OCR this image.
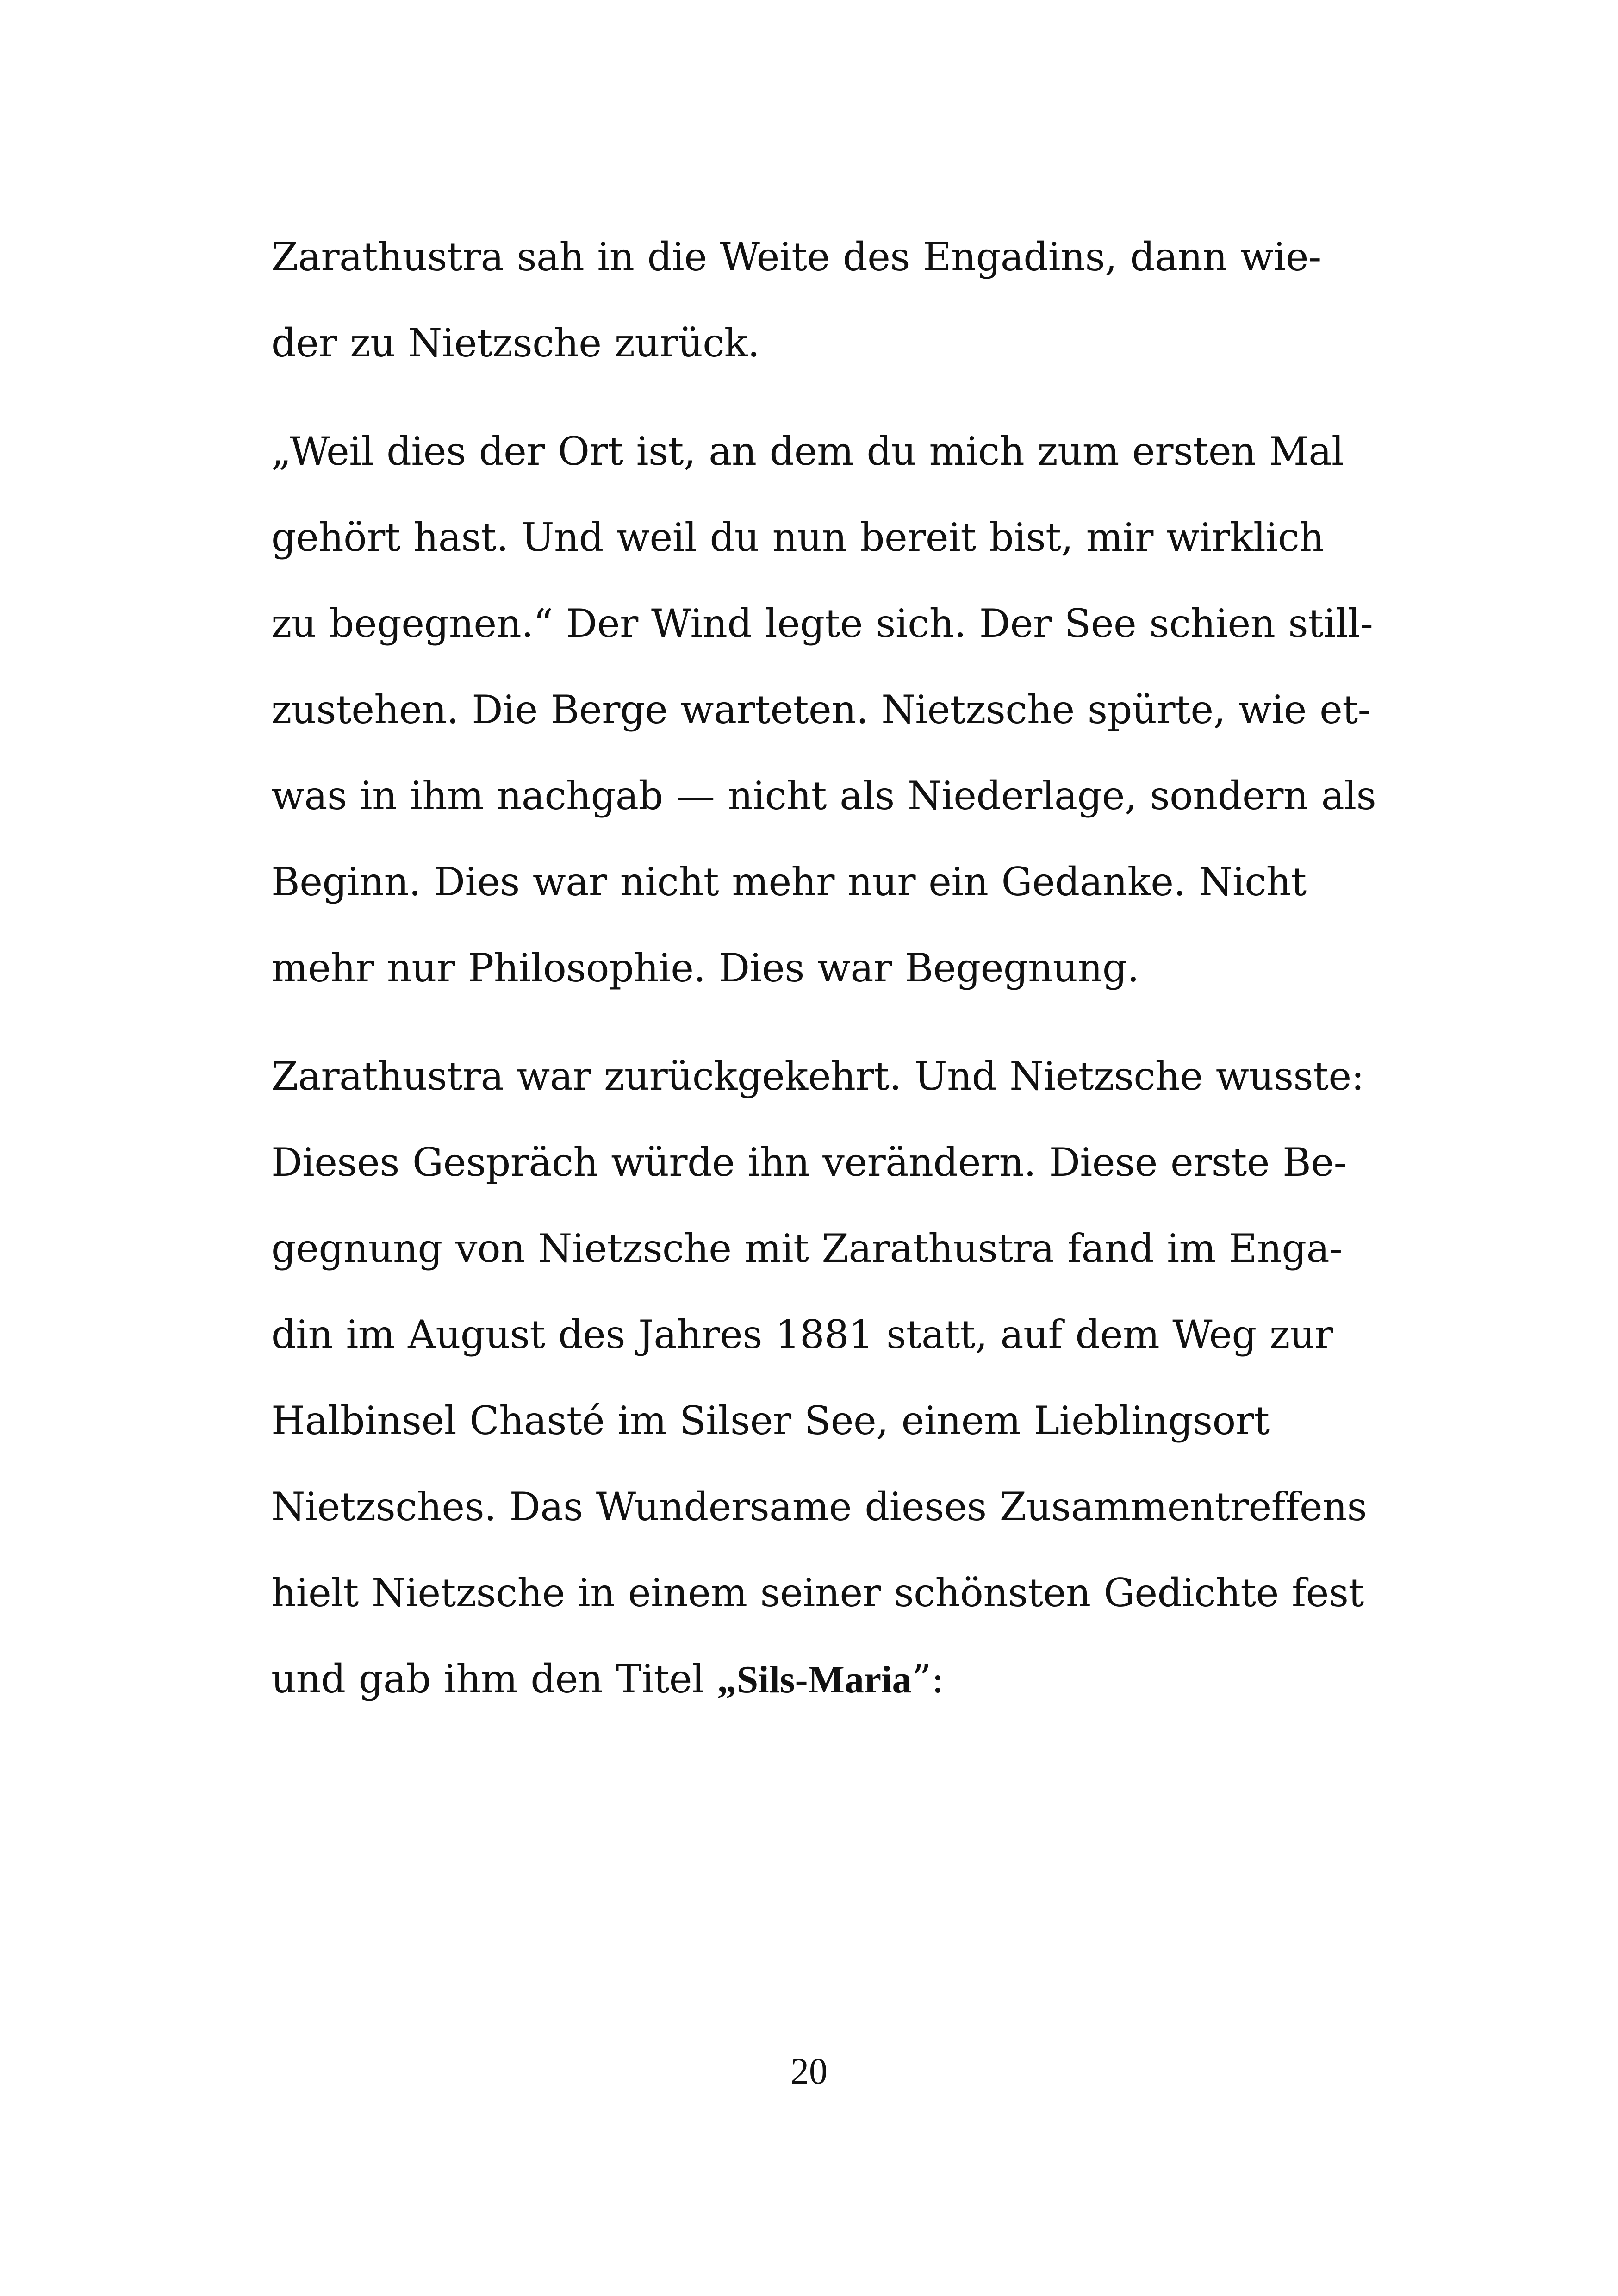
Zarathustra sah in die Weite des Engadins, dann wie-
der zu Nietzsche zurück.

„Weil dies der Ort ist, an dem du mich zum ersten Mal
gehört hast. Und weil du nun bereit bist, mir wirklich
zu begegnen.“ Der Wind legte sich. Der See schien still-
zustehen. Die Berge warteten. Nietzsche spürte, wie et-
was in ihm nachgab — nicht als Niederlage, sondern als
Beginn. Dies war nicht mehr nur ein Gedanke. Nicht
mehr nur Philosophie. Dies war Begegnung.

Zarathustra war zurückgekehrt. Und Nietzsche wusste:
Dieses Gespräch würde ihn verändern. Diese erste Be-
gegnung von Nietzsche mit Zarathustra fand im Enga-
din im August des Jahres 1881 statt, auf dem Weg zur
Halbinsel Chasté im Silser See, einem Lieblingsort
Nietzsches. Das Wundersame dieses Zusammentreffens
hielt Nietzsche in einem seiner schönsten Gedichte fest
und gab ihm den Titel „Sils-Maria”:

20
